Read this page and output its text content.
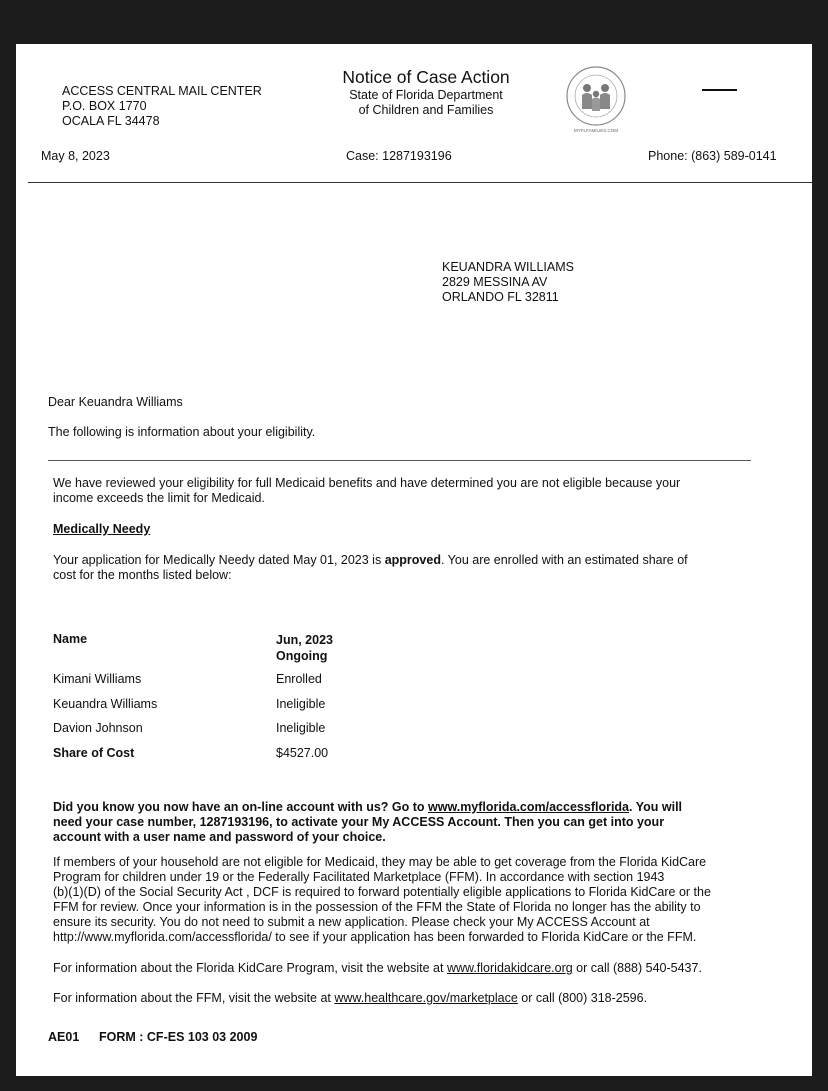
ACCESS CENTRAL MAIL CENTER
P.O. BOX 1770
OCALA FL 34478
Notice of Case Action
State of Florida Department
of Children and Families
MYFLFAMILIES.COM
May 8, 2023	Case: 1287193196	Phone: (863) 589-0141
KEUANDRA WILLIAMS
2829 MESSINA AV
ORLANDO FL 32811
Dear Keuandra Williams
The following is information about your eligibility.
We have reviewed your eligibility for full Medicaid benefits and have determined you are not eligible because your
income exceeds the limit for Medicaid.
Medically Needy
Your application for Medically Needy dated May 01, 2023 is approved. You are enrolled with an estimated share of
cost for the months listed below:
Name	Jun, 2023
Ongoing
Kimani Williams	Enrolled
Keuandra Williams	Ineligible
Davion Johnson	Ineligible
Share of Cost	$4527.00
Did you know you now have an on-line account with us? Go to www.myflorida.com/accessflorida. You will
need your case number, 1287193196, to activate your My ACCESS Account. Then you can get into your
account with a user name and password of your choice.
If members of your household are not eligible for Medicaid, they may be able to get coverage from the Florida KidCare
Program for children under 19 or the Federally Facilitated Marketplace (FFM). In accordance with section 1943
(b)(1)(D) of the Social Security Act , DCF is required to forward potentially eligible applications to Florida KidCare or the
FFM for review. Once your information is in the possession of the FFM the State of Florida no longer has the ability to
ensure its security. You do not need to submit a new application. Please check your My ACCESS Account at
http://www.myflorida.com/accessflorida/ to see if your application has been forwarded to Florida KidCare or the FFM.
For information about the Florida KidCare Program, visit the website at www.floridakidcare.org or call (888) 540-5437.
For information about the FFM, visit the website at www.healthcare.gov/marketplace or call (800) 318-2596.
AE01 FORM : CF-ES 103 03 2009
